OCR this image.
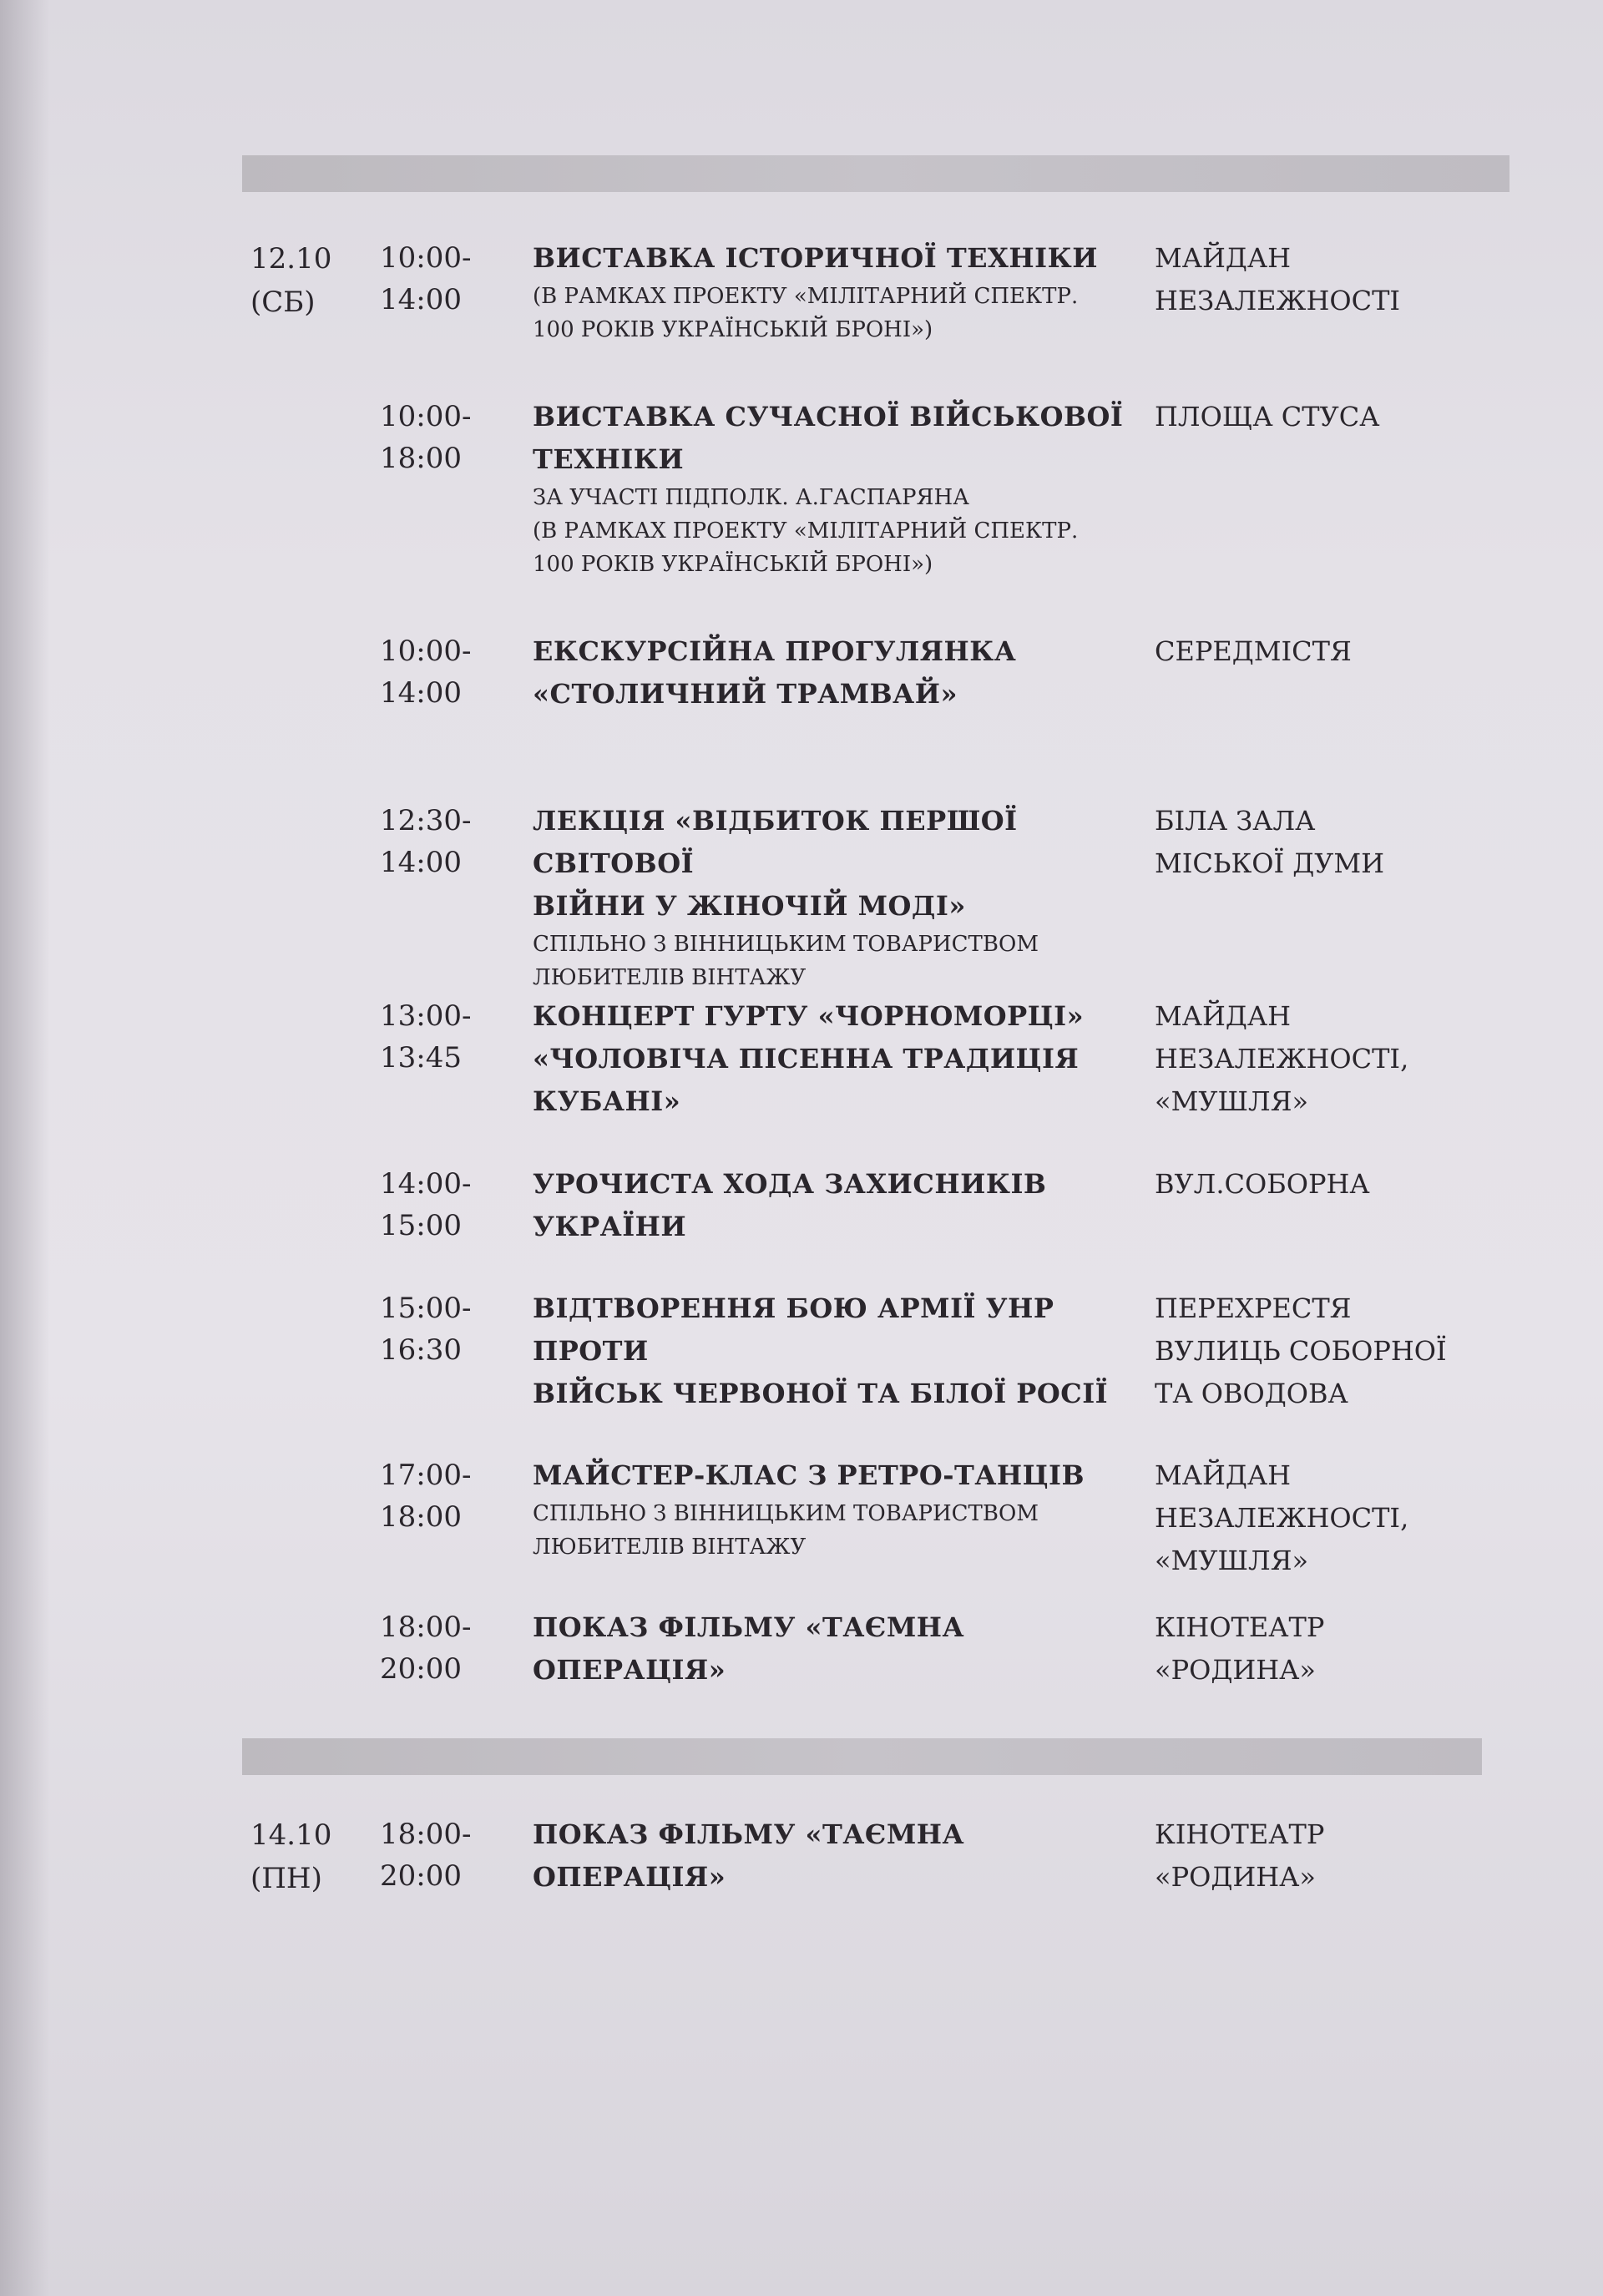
12.10
(СБ)
10:00-
14:00
ВИСТАВКА ІСТОРИЧНОЇ ТЕХНІКИ
(В РАМКАХ ПРОЕКТУ «МІЛІТАРНИЙ СПЕКТР.
100 РОКІВ УКРАЇНСЬКІЙ БРОНІ»)
МАЙДАН
НЕЗАЛЕЖНОСТІ
10:00-
18:00
ВИСТАВКА СУЧАСНОЇ ВІЙСЬКОВОЇ
ТЕХНІКИ
ЗА УЧАСТІ ПІДПОЛК. А.ГАСПАРЯНА
(В РАМКАХ ПРОЕКТУ «МІЛІТАРНИЙ СПЕКТР.
100 РОКІВ УКРАЇНСЬКІЙ БРОНІ»)
ПЛОЩА СТУСА
10:00-
14:00
ЕКСКУРСІЙНА ПРОГУЛЯНКА
«СТОЛИЧНИЙ ТРАМВАЙ»
СЕРЕДМІСТЯ
12:30-
14:00
ЛЕКЦІЯ «ВІДБИТОК ПЕРШОЇ СВІТОВОЇ
ВІЙНИ У ЖІНОЧІЙ МОДІ»
СПІЛЬНО З ВІННИЦЬКИМ ТОВАРИСТВОМ
ЛЮБИТЕЛІВ ВІНТАЖУ
БІЛА ЗАЛА
МІСЬКОЇ ДУМИ
13:00-
13:45
КОНЦЕРТ ГУРТУ «ЧОРНОМОРЦІ»
«ЧОЛОВІЧА ПІСЕННА ТРАДИЦІЯ
КУБАНІ»
МАЙДАН
НЕЗАЛЕЖНОСТІ,
«МУШЛЯ»
14:00-
15:00
УРОЧИСТА ХОДА ЗАХИСНИКІВ
УКРАЇНИ
ВУЛ.СОБОРНА
15:00-
16:30
ВІДТВОРЕННЯ БОЮ АРМІЇ УНР ПРОТИ
ВІЙСЬК ЧЕРВОНОЇ ТА БІЛОЇ РОСІЇ
ПЕРЕХРЕСТЯ
ВУЛИЦЬ СОБОРНОЇ
ТА ОВОДОВА
17:00-
18:00
МАЙСТЕР-КЛАС З РЕТРО-ТАНЦІВ
СПІЛЬНО З ВІННИЦЬКИМ ТОВАРИСТВОМ
ЛЮБИТЕЛІВ ВІНТАЖУ
МАЙДАН
НЕЗАЛЕЖНОСТІ,
«МУШЛЯ»
18:00-
20:00
ПОКАЗ ФІЛЬМУ «ТАЄМНА ОПЕРАЦІЯ»
КІНОТЕАТР
«РОДИНА»
14.10
(ПН)
18:00-
20:00
ПОКАЗ ФІЛЬМУ «ТАЄМНА ОПЕРАЦІЯ»
КІНОТЕАТР
«РОДИНА»
